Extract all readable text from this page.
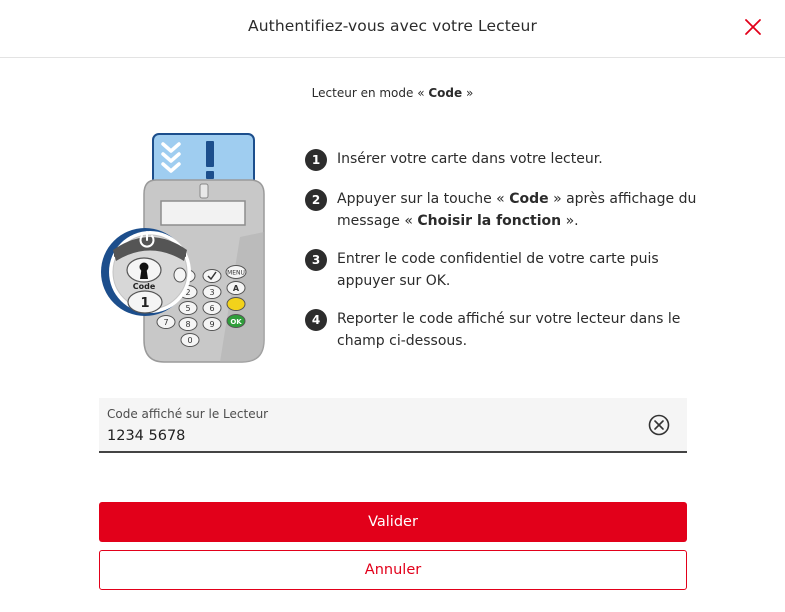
Authentifiez-vous avec votre Lecteur
Lecteur en mode « Code »
2 3
5 6
7 8 9
0
MENU
A
OK
Code
1
1	Insérer votre carte dans votre lecteur.
2	Appuyer sur la touche « Code » après affichage du message « Choisir la fonction ».
3	Entrer le code confidentiel de votre carte puis appuyer sur OK.
4	Reporter le code affiché sur votre lecteur dans le champ ci-dessous.
Code affiché sur le Lecteur
1234 5678
Valider
Annuler
